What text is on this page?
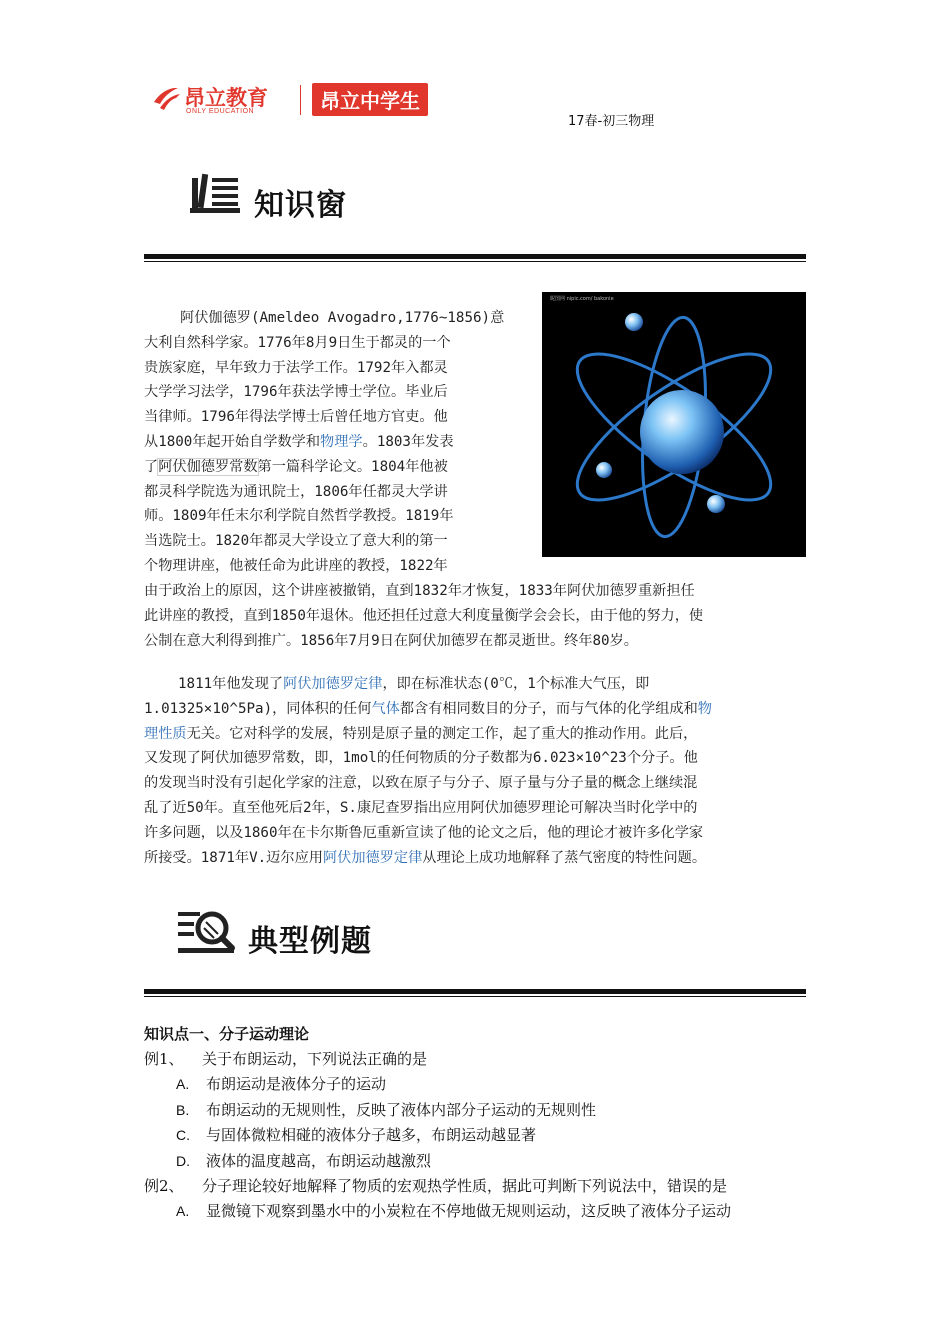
昂立教育
ONLY EDUCATION	昂立中学生
17春-初三物理
知识窗
昵图网 nipic.com/ bakonie
阿伏伽德罗(Ameldeo Avogadro,1776~1856)意
大利自然科学家。1776年8月9日生于都灵的一个
贵族家庭，早年致力于法学工作。1792年入都灵
大学学习法学，1796年获法学博士学位。毕业后
当律师。1796年得法学博士后曾任地方官吏。他
从1800年起开始自学数学和物理学。1803年发表
了阿伏伽德罗常数第一篇科学论文。1804年他被
都灵科学院选为通讯院士，1806年任都灵大学讲
师。1809年任末尔利学院自然哲学教授。1819年
当选院士。1820年都灵大学设立了意大利的第一
个物理讲座，他被任命为此讲座的教授，1822年
由于政治上的原因，这个讲座被撤销，直到1832年才恢复，1833年阿伏加德罗重新担任
此讲座的教授，直到1850年退休。他还担任过意大利度量衡学会会长，由于他的努力，使
公制在意大利得到推广。1856年7月9日在阿伏加德罗在都灵逝世。终年80岁。
1811年他发现了阿伏加德罗定律，即在标准状态(0℃，1个标准大气压，即
1.01325×10^5Pa)，同体积的任何气体都含有相同数目的分子，而与气体的化学组成和物
理性质无关。它对科学的发展，特别是原子量的测定工作，起了重大的推动作用。此后，
又发现了阿伏加德罗常数，即，1mol的任何物质的分子数都为6.023×10^23个分子。他
的发现当时没有引起化学家的注意，以致在原子与分子、原子量与分子量的概念上继续混
乱了近50年。直至他死后2年，S.康尼查罗指出应用阿伏加德罗理论可解决当时化学中的
许多问题，以及1860年在卡尔斯鲁厄重新宣读了他的论文之后，他的理论才被许多化学家
所接受。1871年V.迈尔应用阿伏加德罗定律从理论上成功地解释了蒸气密度的特性问题。
典型例题
知识点一、分子运动理论
例1、 关于布朗运动，下列说法正确的是
A. 布朗运动是液体分子的运动
B. 布朗运动的无规则性，反映了液体内部分子运动的无规则性
C. 与固体微粒相碰的液体分子越多，布朗运动越显著
D. 液体的温度越高，布朗运动越激烈
例2、 分子理论较好地解释了物质的宏观热学性质，据此可判断下列说法中，错误的是
A. 显微镜下观察到墨水中的小炭粒在不停地做无规则运动，这反映了液体分子运动
